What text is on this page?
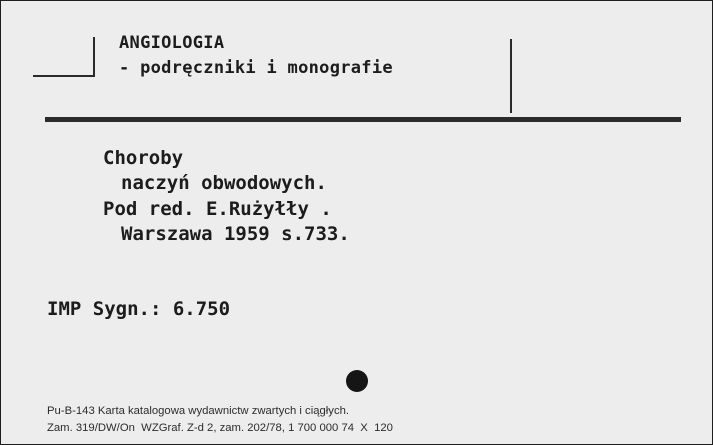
ANGIOLOGIA
- podręczniki i monografie
Choroby
naczyń obwodowych.
Pod red. E.Rużyłły .
Warszawa 1959 s.733.
IMP Sygn.: 6.750
Pu-B-143 Karta katalogowa wydawnictw zwartych i ciągłych.
Zam. 319/DW/On  WZGraf. Z-d 2, zam. 202/78, 1 700 000 74  X  120
